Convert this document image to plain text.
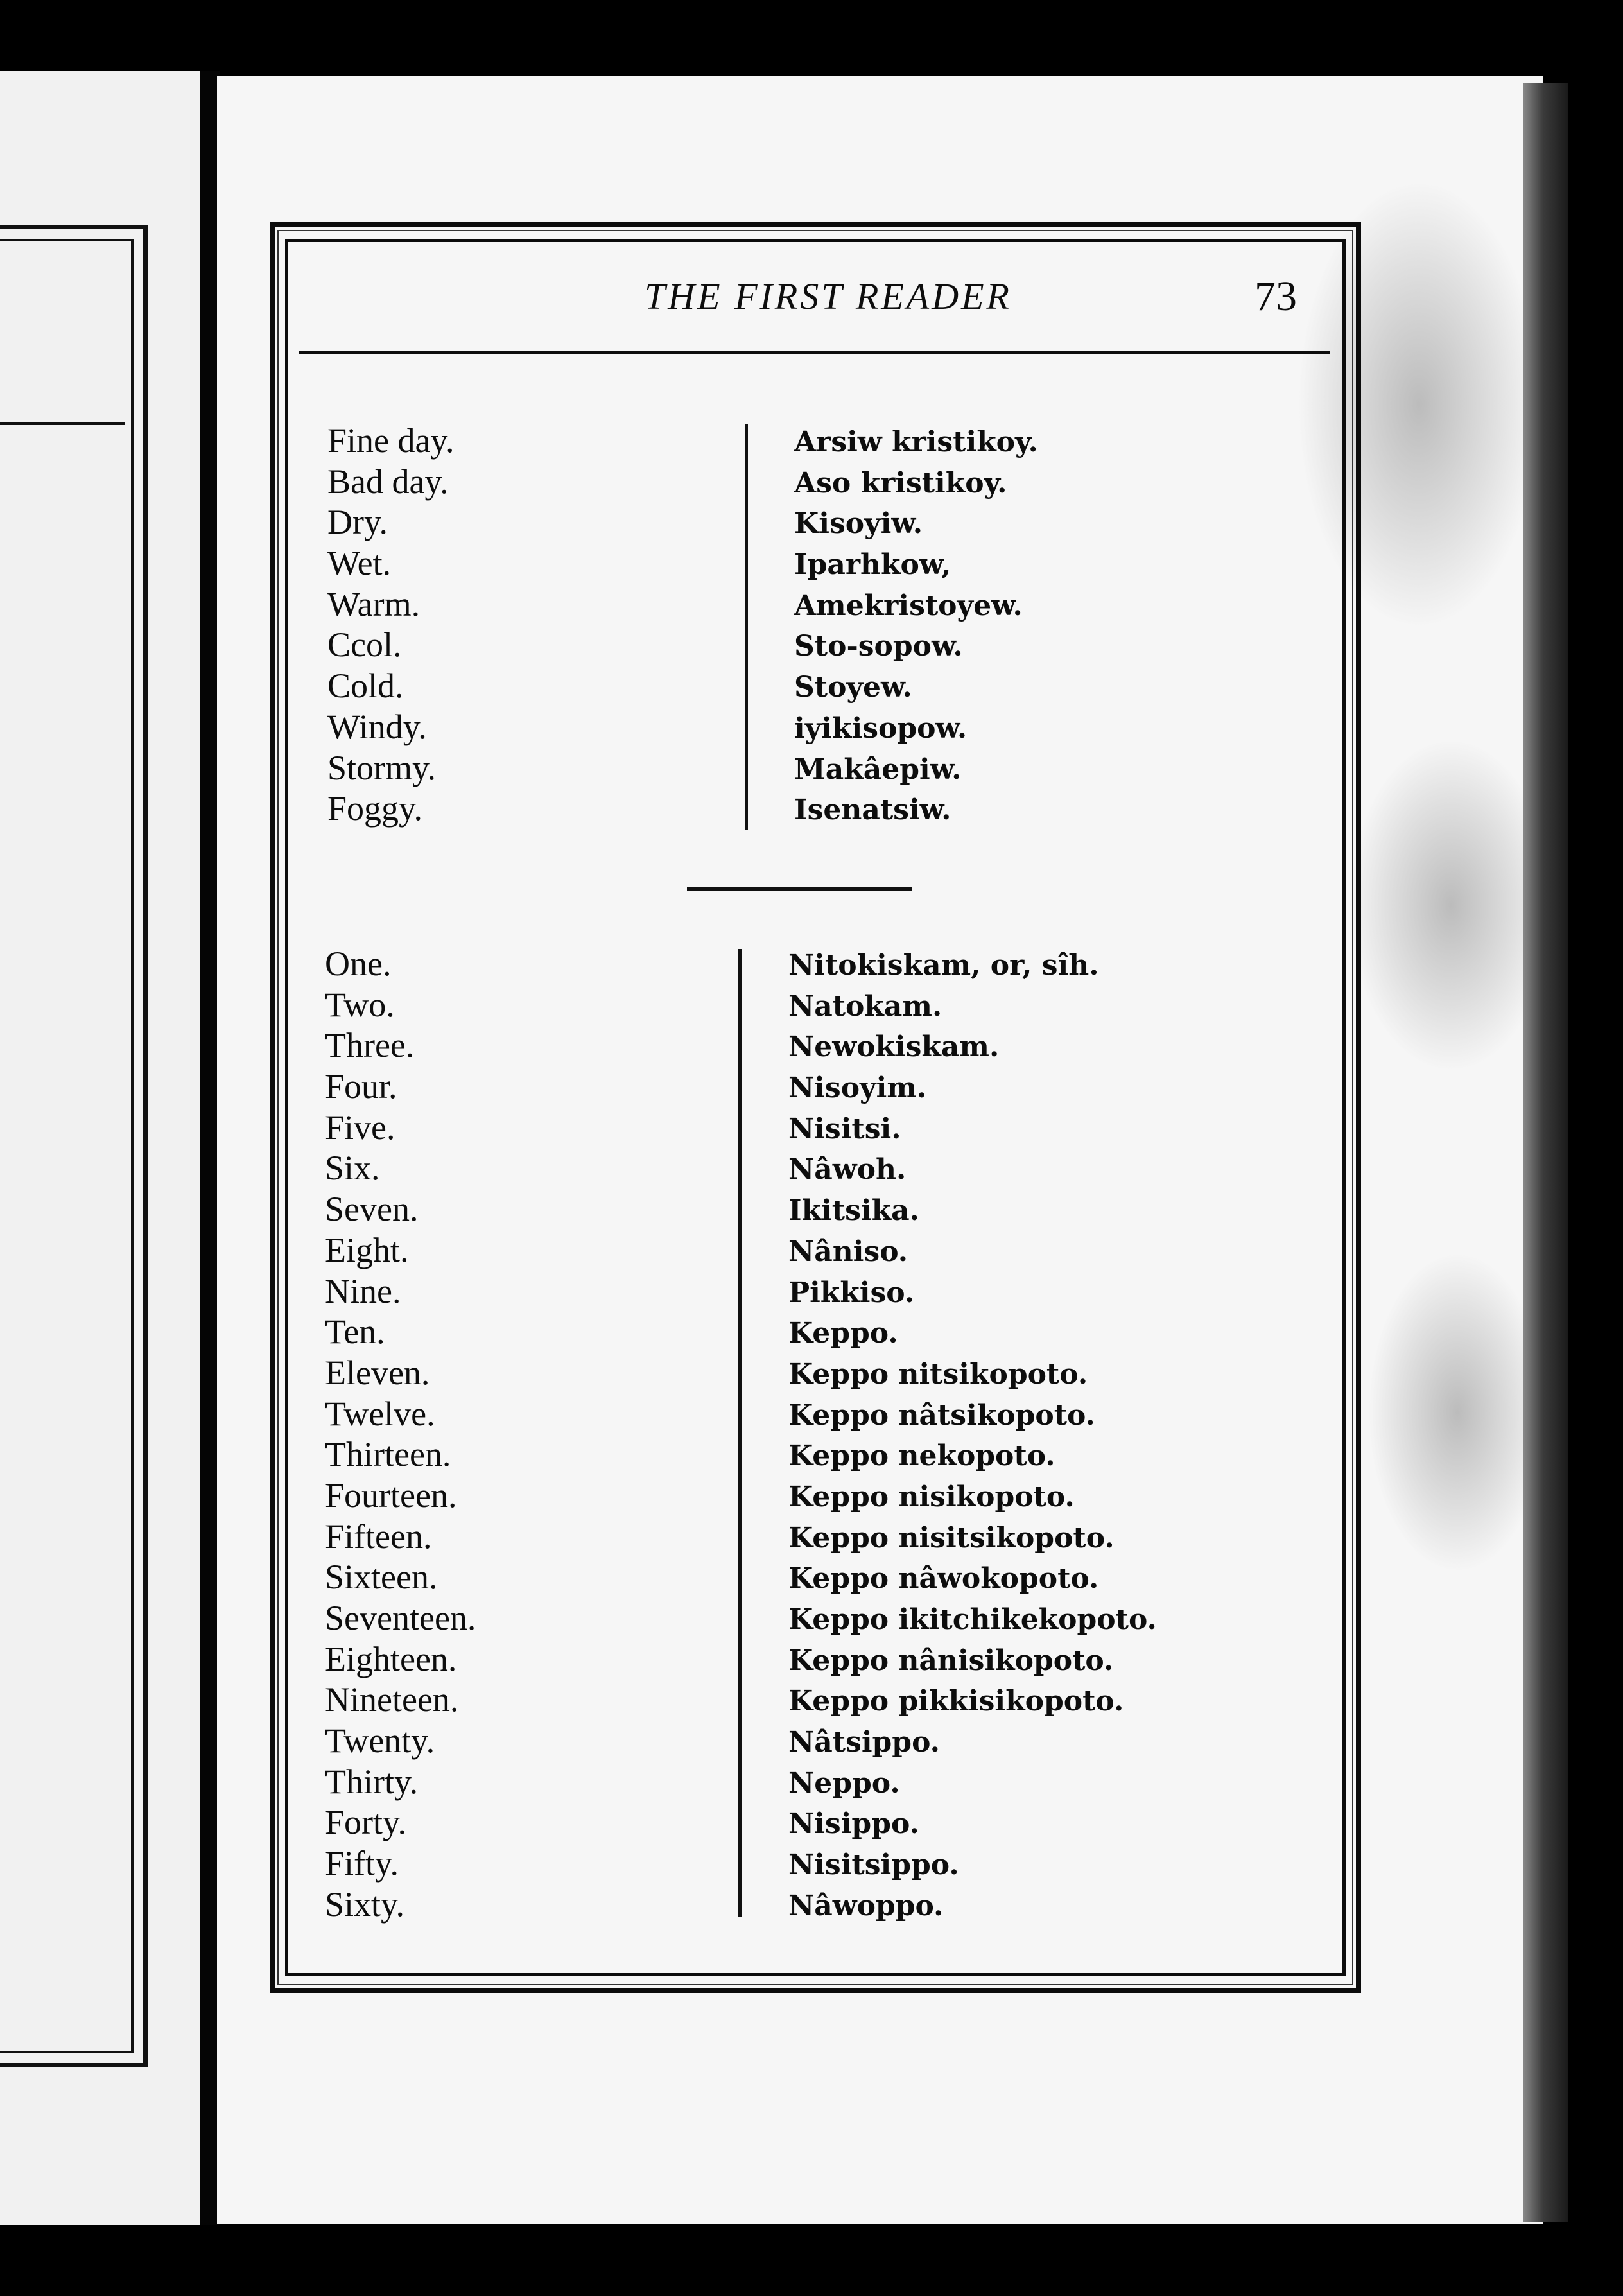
THE FIRST READER	73
Fine day.	Arsiw kristikoy.
Bad day.	Aso kristikoy.
Dry.	Kisoyiw.
Wet.	Iparhkow,
Warm.	Amekristoyew.
Ccol.	Sto-sopow.
Cold.	Stoyew.
Windy.	iyikisopow.
Stormy.	Makâepiw.
Foggy.	Isenatsiw.
One.	Nitokiskam, or, sîh.
Two.	Natokam.
Three.	Newokiskam.
Four.	Nisoyim.
Five.	Nisitsi.
Six.	Nâwoh.
Seven.	Ikitsika.
Eight.	Nâniso.
Nine.	Pikkiso.
Ten.	Keppo.
Eleven.	Keppo nitsikopoto.
Twelve.	Keppo nâtsikopoto.
Thirteen.	Keppo nekopoto.
Fourteen.	Keppo nisikopoto.
Fifteen.	Keppo nisitsikopoto.
Sixteen.	Keppo nâwokopoto.
Seventeen.	Keppo ikitchikekopoto.
Eighteen.	Keppo nânisikopoto.
Nineteen.	Keppo pikkisikopoto.
Twenty.	Nâtsippo.
Thirty.	Neppo.
Forty.	Nisippo.
Fifty.	Nisitsippo.
Sixty.	Nâwoppo.
